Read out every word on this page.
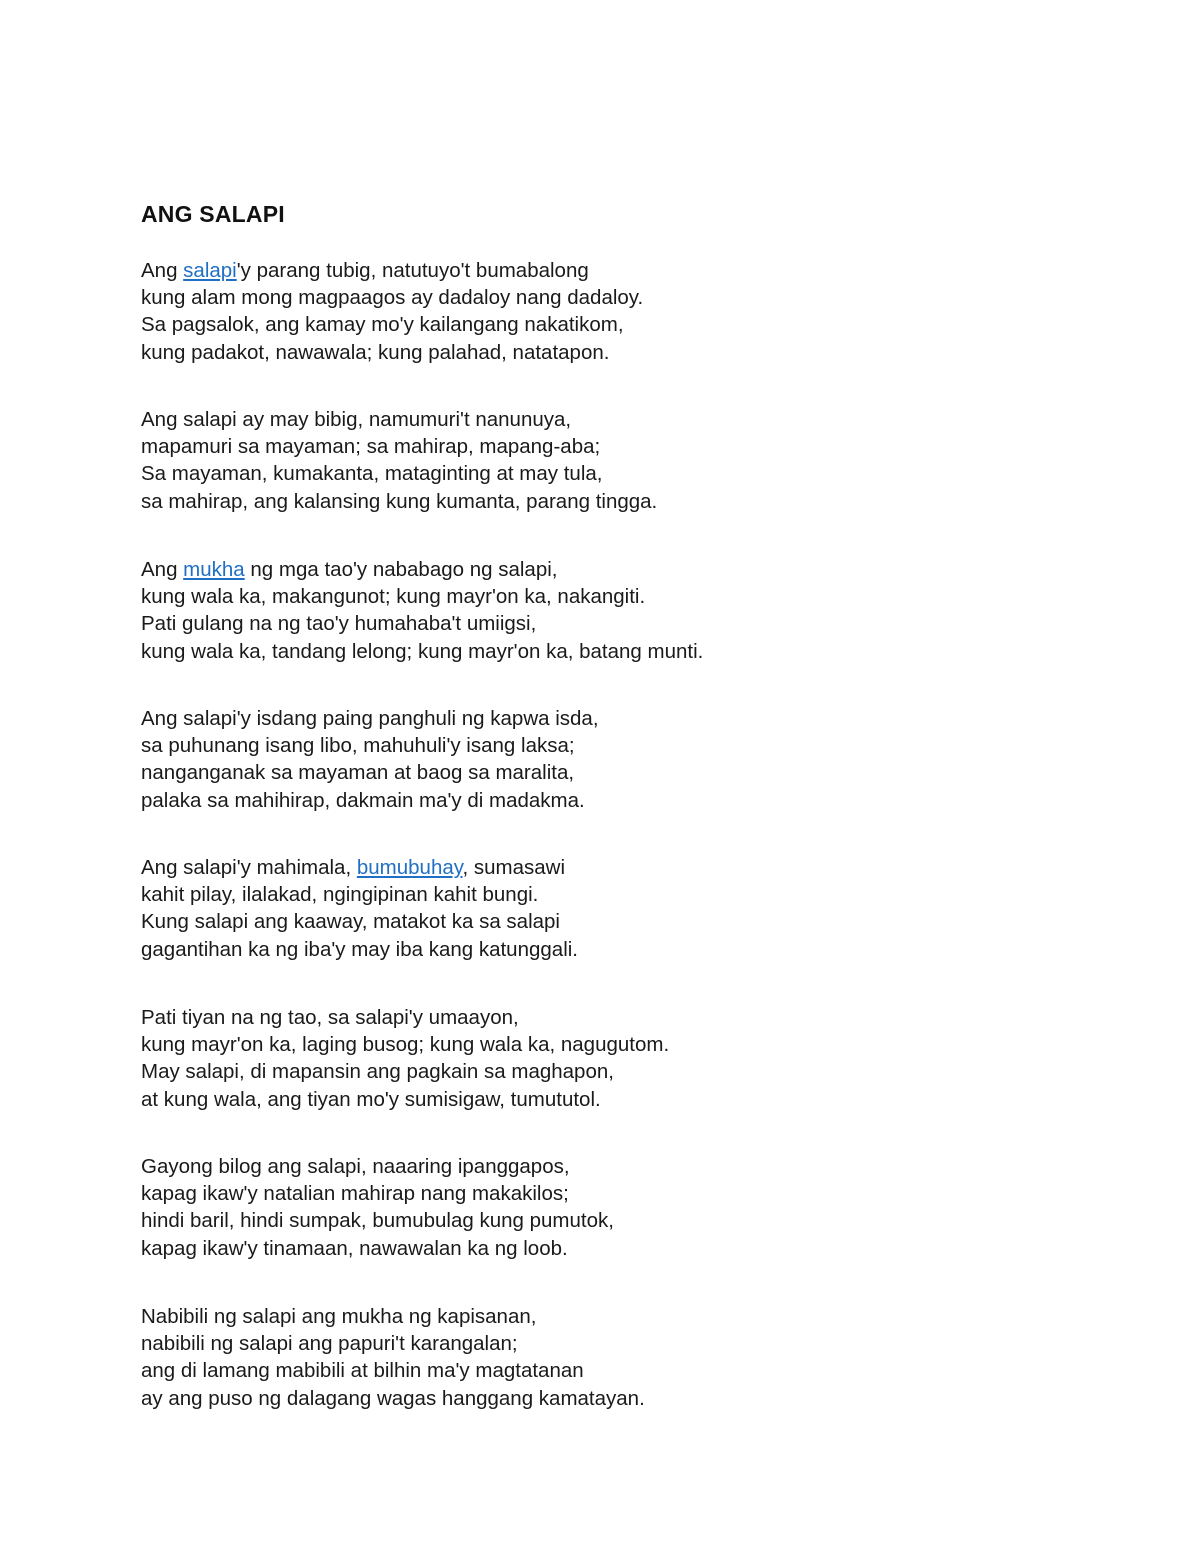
ANG SALAPI
Ang salapi'y parang tubig, natutuyo't bumabalong
kung alam mong magpaagos ay dadaloy nang dadaloy.
Sa pagsalok, ang kamay mo'y kailangang nakatikom,
kung padakot, nawawala; kung palahad, natatapon.
Ang salapi ay may bibig, namumuri't nanunuya,
mapamuri sa mayaman; sa mahirap, mapang-aba;
Sa mayaman, kumakanta, mataginting at may tula,
sa mahirap, ang kalansing kung kumanta, parang tingga.
Ang mukha ng mga tao'y nababago ng salapi,
kung wala ka, makangunot; kung mayr'on ka, nakangiti.
Pati gulang na ng tao'y humahaba't umiigsi,
kung wala ka, tandang lelong; kung mayr'on ka, batang munti.
Ang salapi'y isdang paing panghuli ng kapwa isda,
sa puhunang isang libo, mahuhuli'y isang laksa;
nanganganak sa mayaman at baog sa maralita,
palaka sa mahihirap, dakmain ma'y di madakma.
Ang salapi'y mahimala, bumubuhay, sumasawi
kahit pilay, ilalakad, ngingipinan kahit bungi.
Kung salapi ang kaaway, matakot ka sa salapi
gagantihan ka ng iba'y may iba kang katunggali.
Pati tiyan na ng tao, sa salapi'y umaayon,
kung mayr'on ka, laging busog; kung wala ka, nagugutom.
May salapi, di mapansin ang pagkain sa maghapon,
at kung wala, ang tiyan mo'y sumisigaw, tumututol.
Gayong bilog ang salapi, naaaring ipanggapos,
kapag ikaw'y natalian mahirap nang makakilos;
hindi baril, hindi sumpak, bumubulag kung pumutok,
kapag ikaw'y tinamaan, nawawalan ka ng loob.
Nabibili ng salapi ang mukha ng kapisanan,
nabibili ng salapi ang papuri't karangalan;
ang di lamang mabibili at bilhin ma'y magtatanan
ay ang puso ng dalagang wagas hanggang kamatayan.
